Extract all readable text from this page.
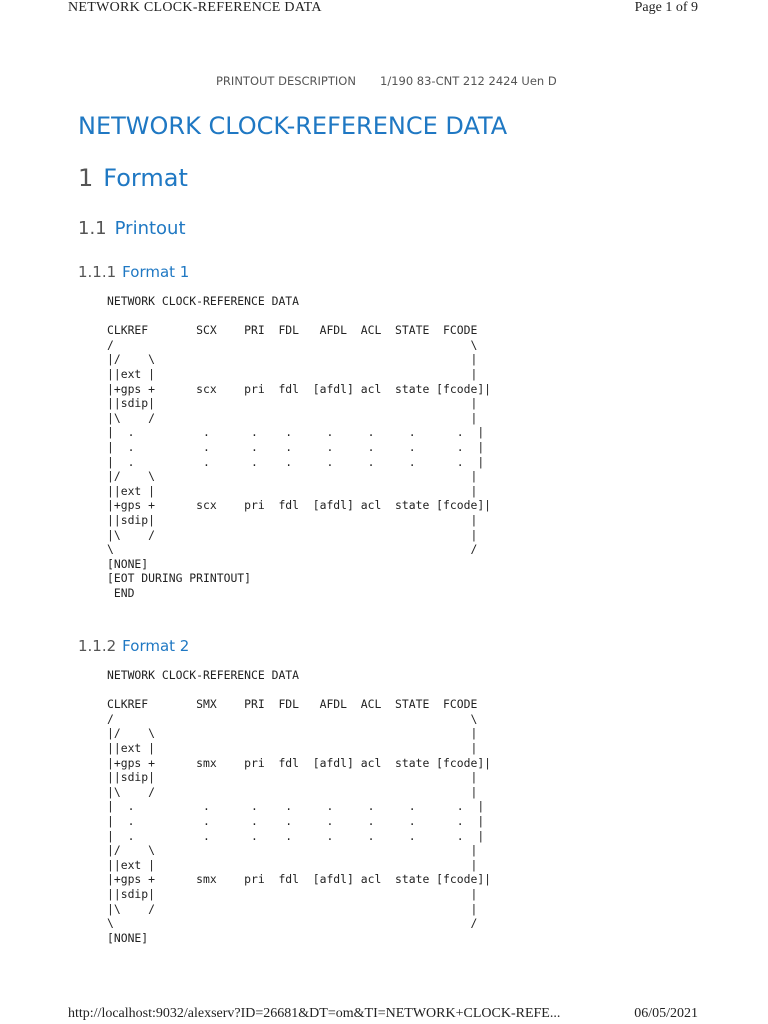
NETWORK CLOCK-REFERENCE DATA	Page 1 of 9
PRINTOUT DESCRIPTION 1/190 83-CNT 212 2424 Uen D
NETWORK CLOCK-REFERENCE DATA
1 Format
1.1 Printout
1.1.1 Format 1
NETWORK CLOCK-REFERENCE DATA

CLKREF       SCX    PRI  FDL   AFDL  ACL  STATE  FCODE
/                                                    \
|/    \                                              |
||ext |                                              |
|+gps +      scx    pri  fdl  [afdl] acl  state [fcode]|
||sdip|                                              |
|\    /                                              |
|  .          .      .    .     .     .     .      .  |
|  .          .      .    .     .     .     .      .  |
|  .          .      .    .     .     .     .      .  |
|/    \                                              |
||ext |                                              |
|+gps +      scx    pri  fdl  [afdl] acl  state [fcode]|
||sdip|                                              |
|\    /                                              |
\                                                    /
[NONE]
[EOT DURING PRINTOUT]
END
1.1.2 Format 2
NETWORK CLOCK-REFERENCE DATA

CLKREF       SMX    PRI  FDL   AFDL  ACL  STATE  FCODE
/                                                    \
|/    \                                              |
||ext |                                              |
|+gps +      smx    pri  fdl  [afdl] acl  state [fcode]|
||sdip|                                              |
|\    /                                              |
|  .          .      .    .     .     .     .      .  |
|  .          .      .    .     .     .     .      .  |
|  .          .      .    .     .     .     .      .  |
|/    \                                              |
||ext |                                              |
|+gps +      smx    pri  fdl  [afdl] acl  state [fcode]|
||sdip|                                              |
|\    /                                              |
\                                                    /
[NONE]
http://localhost:9032/alexserv?ID=26681&DT=om&TI=NETWORK+CLOCK-REFE...	06/05/2021
